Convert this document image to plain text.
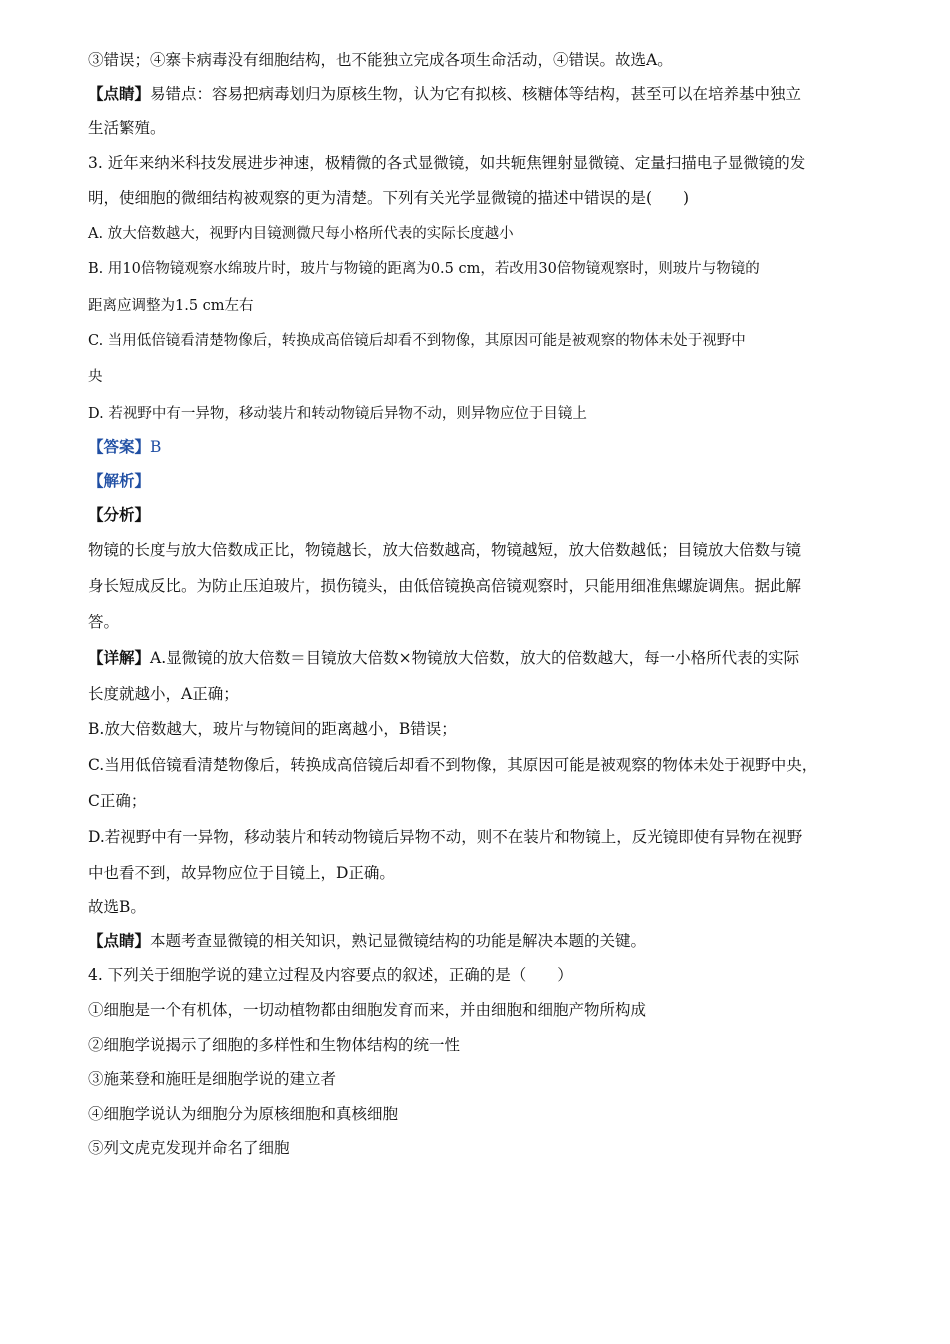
③错误；④寨卡病毒没有细胞结构，也不能独立完成各项生命活动，④错误。故选A。
【点睛】易错点：容易把病毒划归为原核生物，认为它有拟核、核糖体等结构，甚至可以在培养基中独立
生活繁殖。
3. 近年来纳米科技发展进步神速，极精微的各式显微镜，如共轭焦锂射显微镜、定量扫描电子显微镜的发
明，使细胞的微细结构被观察的更为清楚。下列有关光学显微镜的描述中错误的是(　　)
A. 放大倍数越大，视野内目镜测微尺每小格所代表的实际长度越小
B. 用10倍物镜观察水绵玻片时，玻片与物镜的距离为0.5 cm，若改用30倍物镜观察时，则玻片与物镜的
距离应调整为1.5 cm左右
C. 当用低倍镜看清楚物像后，转换成高倍镜后却看不到物像，其原因可能是被观察的物体未处于视野中
央
D. 若视野中有一异物，移动装片和转动物镜后异物不动，则异物应位于目镜上
【答案】B
【解析】
【分析】
物镜的长度与放大倍数成正比，物镜越长，放大倍数越高，物镜越短，放大倍数越低；目镜放大倍数与镜
身长短成反比。为防止压迫玻片，损伤镜头，由低倍镜换高倍镜观察时，只能用细准焦螺旋调焦。据此解
答。
【详解】A.显微镜的放大倍数＝目镜放大倍数×物镜放大倍数，放大的倍数越大，每一小格所代表的实际
长度就越小，A正确；
B.放大倍数越大，玻片与物镜间的距离越小，B错误；
C.当用低倍镜看清楚物像后，转换成高倍镜后却看不到物像，其原因可能是被观察的物体未处于视野中央，
C正确；
D.若视野中有一异物，移动装片和转动物镜后异物不动，则不在装片和物镜上，反光镜即使有异物在视野
中也看不到，故异物应位于目镜上，D正确。
故选B。
【点睛】本题考查显微镜的相关知识，熟记显微镜结构的功能是解决本题的关键。
4. 下列关于细胞学说的建立过程及内容要点的叙述，正确的是（　　）
①细胞是一个有机体，一切动植物都由细胞发育而来，并由细胞和细胞产物所构成
②细胞学说揭示了细胞的多样性和生物体结构的统一性
③施莱登和施旺是细胞学说的建立者
④细胞学说认为细胞分为原核细胞和真核细胞
⑤列文虎克发现并命名了细胞
